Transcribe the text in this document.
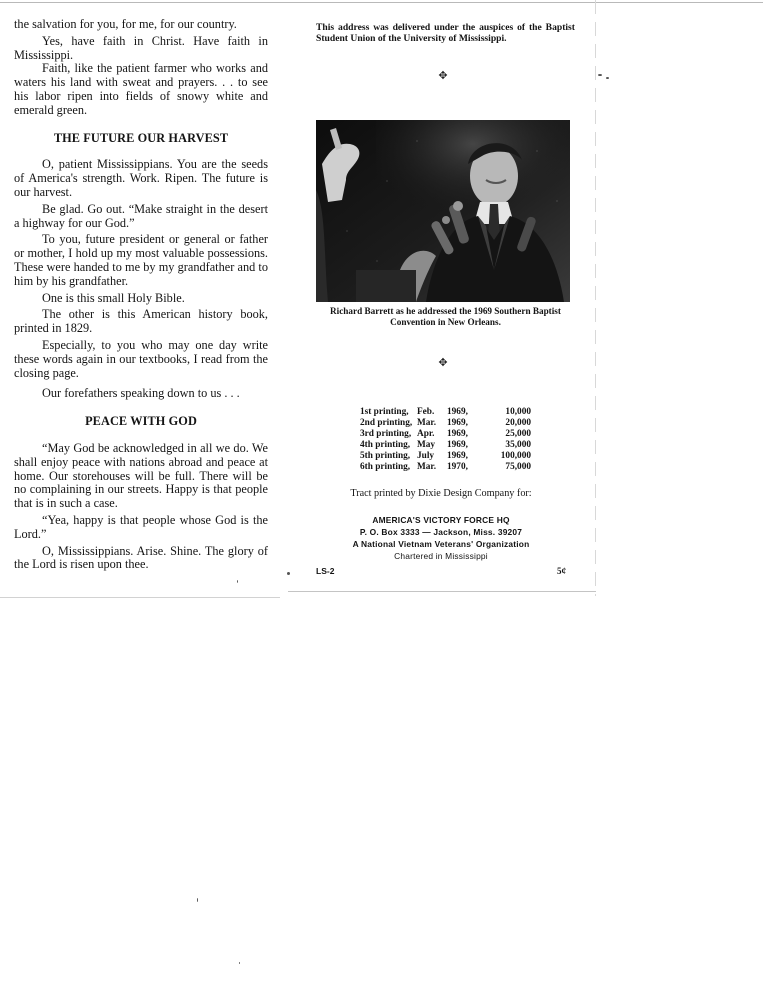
the salvation for you, for me, for our country.

Yes, have faith in Christ. Have faith in Mississippi.

Faith, like the patient farmer who works and waters his land with sweat and prayers. . . to see his labor ripen into fields of snowy white and emerald green.

THE FUTURE OUR HARVEST

O, patient Mississippians. You are the seeds of America's strength. Work. Ripen. The future is our harvest.

Be glad. Go out. “Make straight in the desert a highway for our God.”

To you, future president or general or father or mother, I hold up my most valuable possessions. These were handed to me by my grandfather and to him by his grandfather.

One is this small Holy Bible.

The other is this American history book, printed in 1829.

Especially, to you who may one day write these words again in our textbooks, I read from the closing page.

Our forefathers speaking down to us . . .

PEACE WITH GOD

“May God be acknowledged in all we do. We shall enjoy peace with nations abroad and peace at home. Our storehouses will be full. There will be no complaining in our streets. Happy is that people that is in such a case.

“Yea, happy is that people whose God is the Lord.”

O, Mississippians. Arise. Shine. The glory of the Lord is risen upon thee.

This address was delivered under the auspices of the Baptist Student Union of the University of Mississippi.

✥
Richard Barrett as he addressed the 1969 Southern Baptist Convention in New Orleans.
✥
1st printing,	Feb.	1969,	10,000
2nd printing,	Mar.	1969,	20,000
3rd printing,	Apr.	1969,	25,000
4th printing,	May	1969,	35,000
5th printing,	July	1969,	100,000
6th printing,	Mar.	1970,	75,000
Tract printed by Dixie Design Company for:
AMERICA'S VICTORY FORCE HQ
P. O. Box 3333 — Jackson, Miss. 39207
A National Vietnam Veterans' Organization
Chartered in Mississippi
LS-2	5¢
